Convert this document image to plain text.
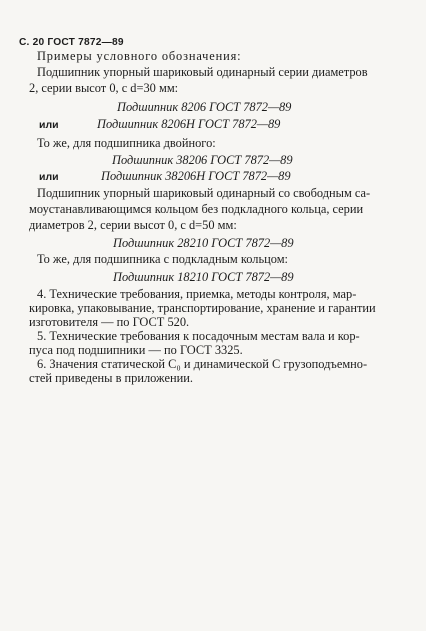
С. 20 ГОСТ 7872—89
Примеры условного обозначения:
Подшипник упорный шариковый одинарный серии диаметров
2, серии высот 0, с d=30 мм:
Подшипник 8206 ГОСТ 7872—89
или	Подшипник 8206Н ГОСТ 7872—89
То же, для подшипника двойного:
Подшипник 38206 ГОСТ 7872—89
или	Подшипник 38206Н ГОСТ 7872—89
Подшипник упорный шариковый одинарный со свободным са-
моустанавливающимся кольцом без подкладного кольца, серии
диаметров 2, серии высот 0, с d=50 мм:
Подшипник 28210 ГОСТ 7872—89
То же, для подшипника с подкладным кольцом:
Подшипник 18210 ГОСТ 7872—89
4. Технические требования, приемка, методы контроля, мар-
кировка, упаковывание, транспортирование, хранение и гарантии
изготовителя — по ГОСТ 520.
5. Технические требования к посадочным местам вала и кор-
пуса под подшипники — по ГОСТ 3325.
6. Значения статической C₀ и динамической C грузоподъемно-
стей приведены в приложении.
